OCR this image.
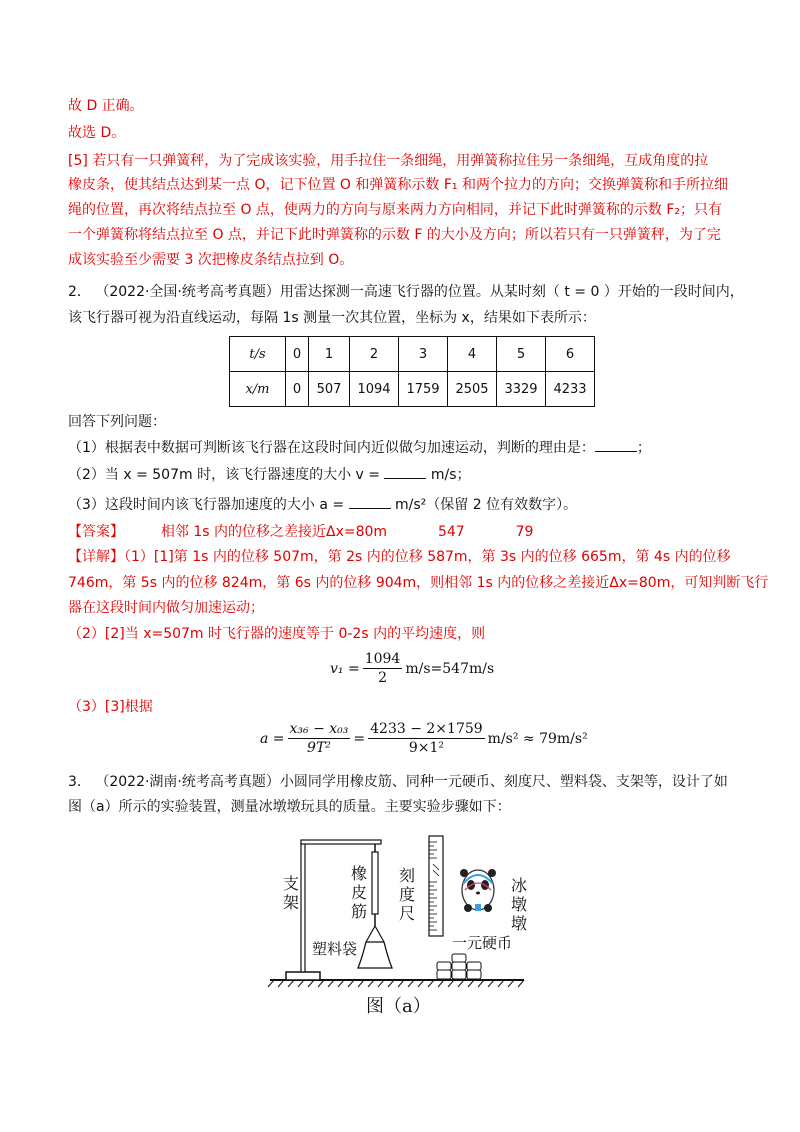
故 D 正确。
故选 D。
[5] 若只有一只弹簧秤，为了完成该实验，用手拉住一条细绳，用弹簧称拉住另一条细绳，互成角度的拉
橡皮条，使其结点达到某一点 O，记下位置 O 和弹簧称示数 F₁ 和两个拉力的方向；交换弹簧称和手所拉细
绳的位置，再次将结点拉至 O 点，使两力的方向与原来两力方向相同，并记下此时弹簧称的示数 F₂；只有
一个弹簧称将结点拉至 O 点，并记下此时弹簧称的示数 F 的大小及方向；所以若只有一只弹簧秤，为了完
成该实验至少需要 3 次把橡皮条结点拉到 O。
2． （2022·全国·统考高考真题）用雷达探测一高速飞行器的位置。从某时刻（ t = 0 ）开始的一段时间内，
该飞行器可视为沿直线运动，每隔 1s 测量一次其位置，坐标为 x，结果如下表所示：
t/s	0	1	2	3	4	5	6
x/m	0	507	1094	1759	2505	3329	4233
回答下列问题：
（1）根据表中数据可判断该飞行器在这段时间内近似做匀加速运动，判断的理由是：	；
（2）当 x = 507m 时，该飞行器速度的大小 v =	m/s；
（3）这段时间内该飞行器加速度的大小 a =	m/s²（保留 2 位有效数字）。
【答案】	相邻 1s 内的位移之差接近Δx=80m	547	79
【详解】（1）[1]第 1s 内的位移 507m，第 2s 内的位移 587m，第 3s 内的位移 665m，第 4s 内的位移
746m，第 5s 内的位移 824m，第 6s 内的位移 904m，则相邻 1s 内的位移之差接近Δx=80m，可知判断飞行
器在这段时间内做匀加速运动；
（2）[2]当 x=507m 时飞行器的速度等于 0-2s 内的平均速度，则
$v_1 = \frac{1094}{2} m/s=547m/s$
（3）[3]根据
$a = \frac{\text{x₃₆ − x₀₃}}{\text{9T²}} = \frac{4233 - 2\times 1759}{\text{9×1²}} m/s^2 \approx 79m/s^2$
3． （2022·湖南·统考高考真题）小圆同学用橡皮筋、同种一元硬币、刻度尺、塑料袋、支架等，设计了如
图（a）所示的实验装置，测量冰墩墩玩具的质量。主要实验步骤如下：
支架
橡皮筋
刻度尺
冰墩墩
塑料袋	一元硬币
图（a）
